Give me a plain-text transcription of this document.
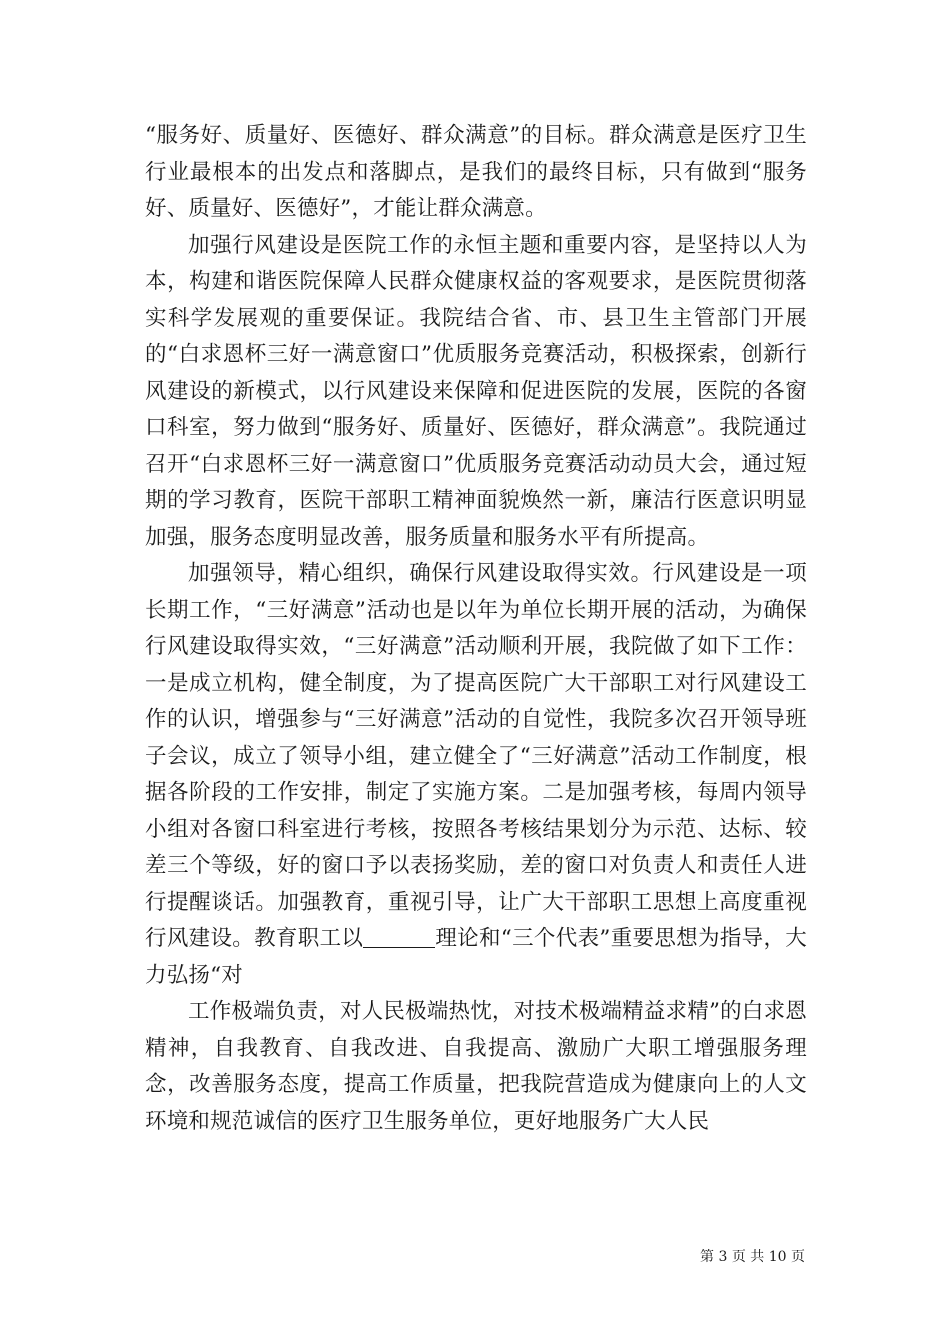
“服务好、质量好、医德好、群众满意”的目标。群众满意是医疗卫生行业最根本的出发点和落脚点，是我们的最终目标，只有做到“服务好、质量好、医德好”，才能让群众满意。

加强行风建设是医院工作的永恒主题和重要内容，是坚持以人为本，构建和谐医院保障人民群众健康权益的客观要求，是医院贯彻落实科学发展观的重要保证。我院结合省、市、县卫生主管部门开展的“白求恩杯三好一满意窗口”优质服务竞赛活动，积极探索，创新行风建设的新模式，以行风建设来保障和促进医院的发展，医院的各窗口科室，努力做到“服务好、质量好、医德好，群众满意”。我院通过召开“白求恩杯三好一满意窗口”优质服务竞赛活动动员大会，通过短期的学习教育，医院干部职工精神面貌焕然一新，廉洁行医意识明显加强，服务态度明显改善，服务质量和服务水平有所提高。

加强领导，精心组织，确保行风建设取得实效。行风建设是一项长期工作，“三好满意”活动也是以年为单位长期开展的活动，为确保行风建设取得实效，“三好满意”活动顺利开展，我院做了如下工作：一是成立机构，健全制度，为了提高医院广大干部职工对行风建设工作的认识，增强参与“三好满意”活动的自觉性，我院多次召开领导班子会议，成立了领导小组，建立健全了“三好满意”活动工作制度，根据各阶段的工作安排，制定了实施方案。二是加强考核，每周内领导小组对各窗口科室进行考核，按照各考核结果划分为示范、达标、较差三个等级，好的窗口予以表扬奖励，差的窗口对负责人和责任人进行提醒谈话。加强教育，重视引导，让广大干部职工思想上高度重视行风建设。教育职工以	理论和“三个代表”重要思想为指导，大力弘扬“对

工作极端负责，对人民极端热忱，对技术极端精益求精”的白求恩精神，自我教育、自我改进、自我提高、激励广大职工增强服务理念，改善服务态度，提高工作质量，把我院营造成为健康向上的人文环境和规范诚信的医疗卫生服务单位，更好地服务广大人民

第 3 页 共 10 页
